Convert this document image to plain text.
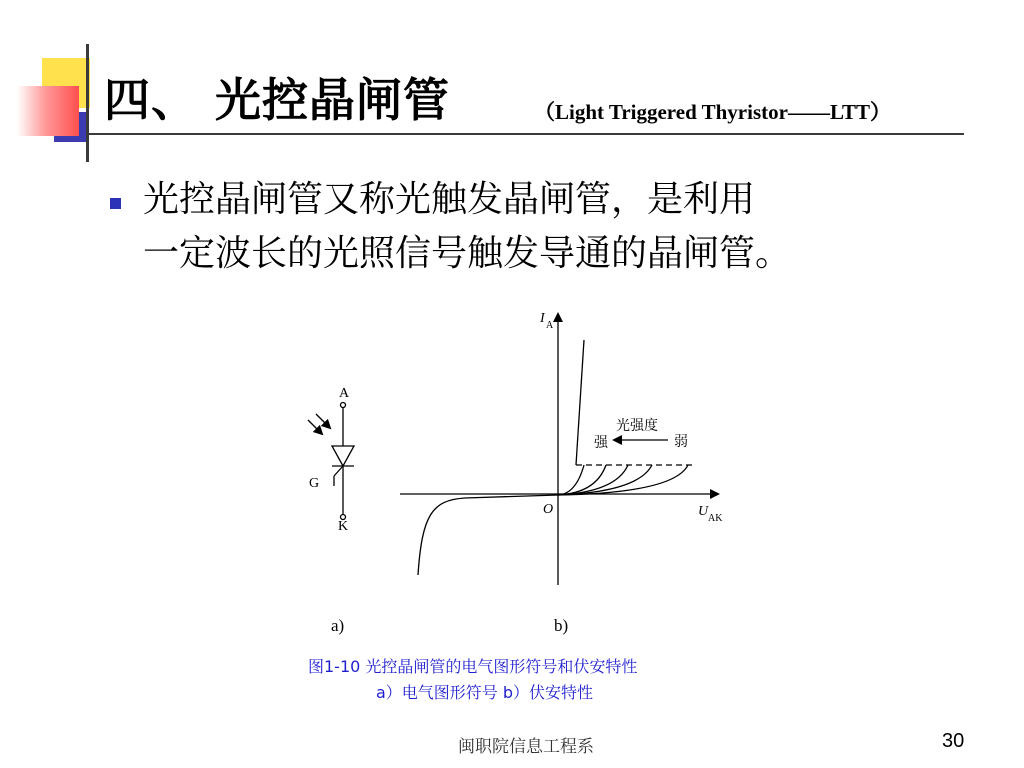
四、 光控晶闸管	（Light Triggered Thyristor——LTT）
光控晶闸管又称光触发晶闸管，是利用
一定波长的光照信号触发导通的晶闸管。
A
G
K
a)
I A
U AK
O
光强度
强	弱
b)
图1-10 光控晶闸管的电气图形符号和伏安特性
a）电气图形符号 b）伏安特性
闽职院信息工程系	30
